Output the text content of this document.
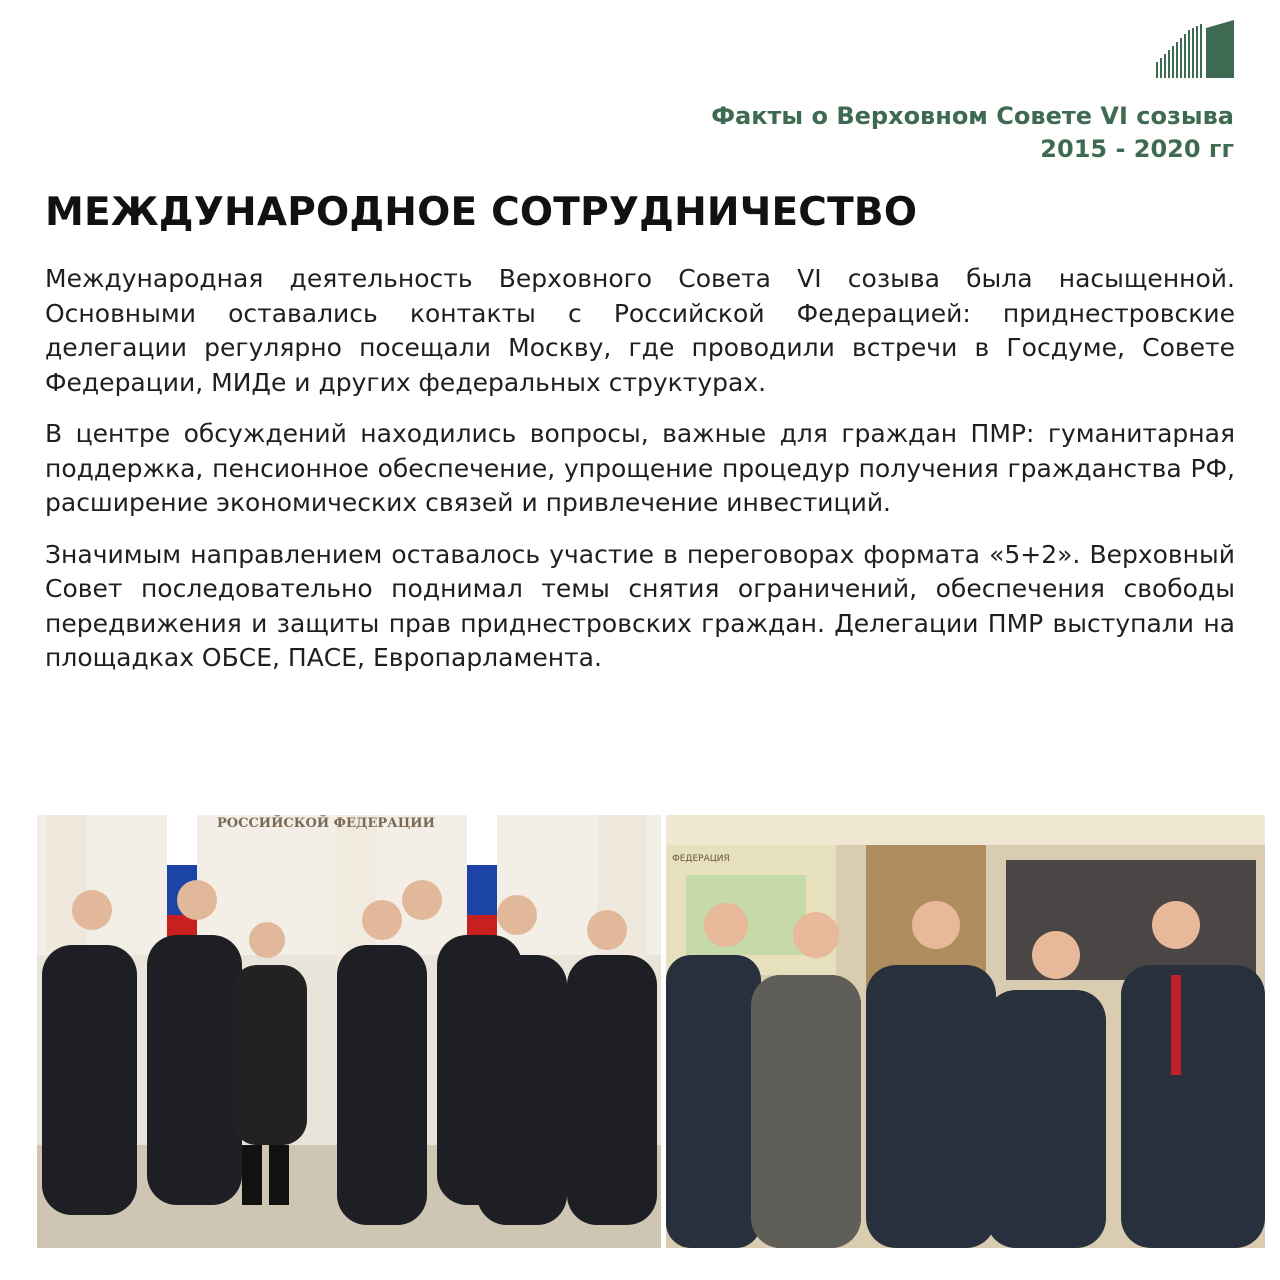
Факты о Верховном Совете VI созыва
2015 - 2020 гг
МЕЖДУНАРОДНОЕ СОТРУДНИЧЕСТВО

Международная деятельность Верховного Совета VI созыва была насыщенной. Основными оставались контакты с Российской Федерацией: приднестровские делегации регулярно посещали Москву, где проводили встречи в Госдуме, Совете Федерации, МИДе и других федеральных структурах.

В центре обсуждений находились вопросы, важные для граждан ПМР: гуманитарная поддержка, пенсионное обеспечение, упрощение процедур получения гражданства РФ, расширение экономических связей и привлечение инвестиций.

Значимым направлением оставалось участие в переговорах формата «5+2». Верховный Совет последовательно поднимал темы снятия ограничений, обеспечения свободы передвижения и защиты прав приднестровских граждан. Делегации ПМР выступали на площадках ОБСЕ, ПАСЕ, Европарламента.

РОССИЙСКОЙ ФЕДЕРАЦИИ
ФЕДЕРАЦИЯ
